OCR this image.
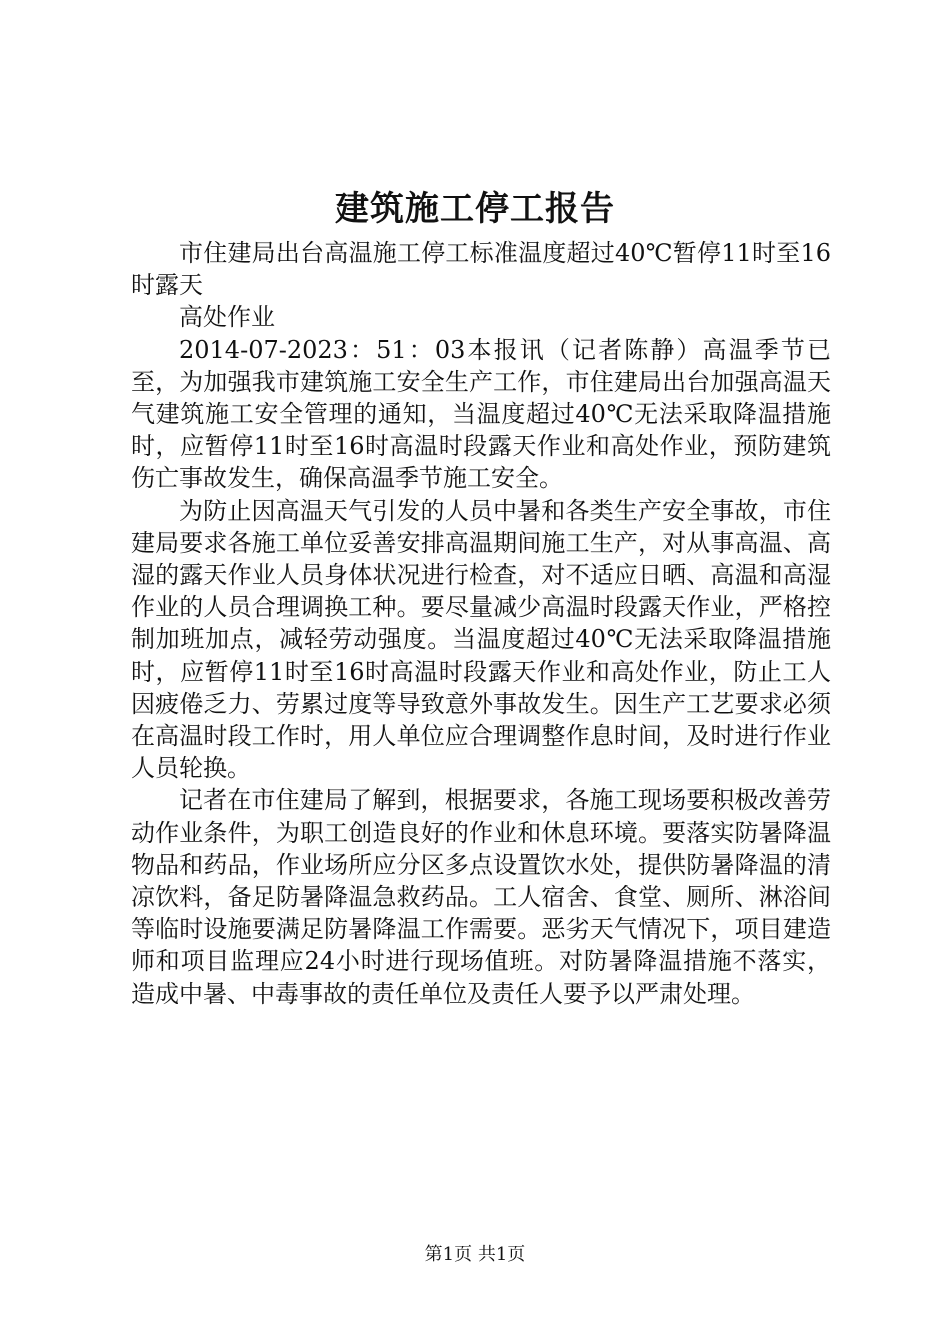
建筑施工停工报告

市住建局出台高温施工停工标准温度超过40℃暂停11时至16时露天

高处作业

2014-07-2023：51：03本报讯（记者陈静）高温季节已至，为加强我市建筑施工安全生产工作，市住建局出台加强高温天气建筑施工安全管理的通知，当温度超过40℃无法采取降温措施时，应暂停11时至16时高温时段露天作业和高处作业，预防建筑伤亡事故发生，确保高温季节施工安全。

为防止因高温天气引发的人员中暑和各类生产安全事故，市住建局要求各施工单位妥善安排高温期间施工生产，对从事高温、高湿的露天作业人员身体状况进行检查，对不适应日晒、高温和高湿作业的人员合理调换工种。要尽量减少高温时段露天作业，严格控制加班加点，减轻劳动强度。当温度超过40℃无法采取降温措施时，应暂停11时至16时高温时段露天作业和高处作业，防止工人因疲倦乏力、劳累过度等导致意外事故发生。因生产工艺要求必须在高温时段工作时，用人单位应合理调整作息时间，及时进行作业人员轮换。

记者在市住建局了解到，根据要求，各施工现场要积极改善劳动作业条件，为职工创造良好的作业和休息环境。要落实防暑降温物品和药品，作业场所应分区多点设置饮水处，提供防暑降温的清凉饮料，备足防暑降温急救药品。工人宿舍、食堂、厕所、淋浴间等临时设施要满足防暑降温工作需要。恶劣天气情况下，项目建造师和项目监理应24小时进行现场值班。对防暑降温措施不落实，造成中暑、中毒事故的责任单位及责任人要予以严肃处理。

第1页 共1页
